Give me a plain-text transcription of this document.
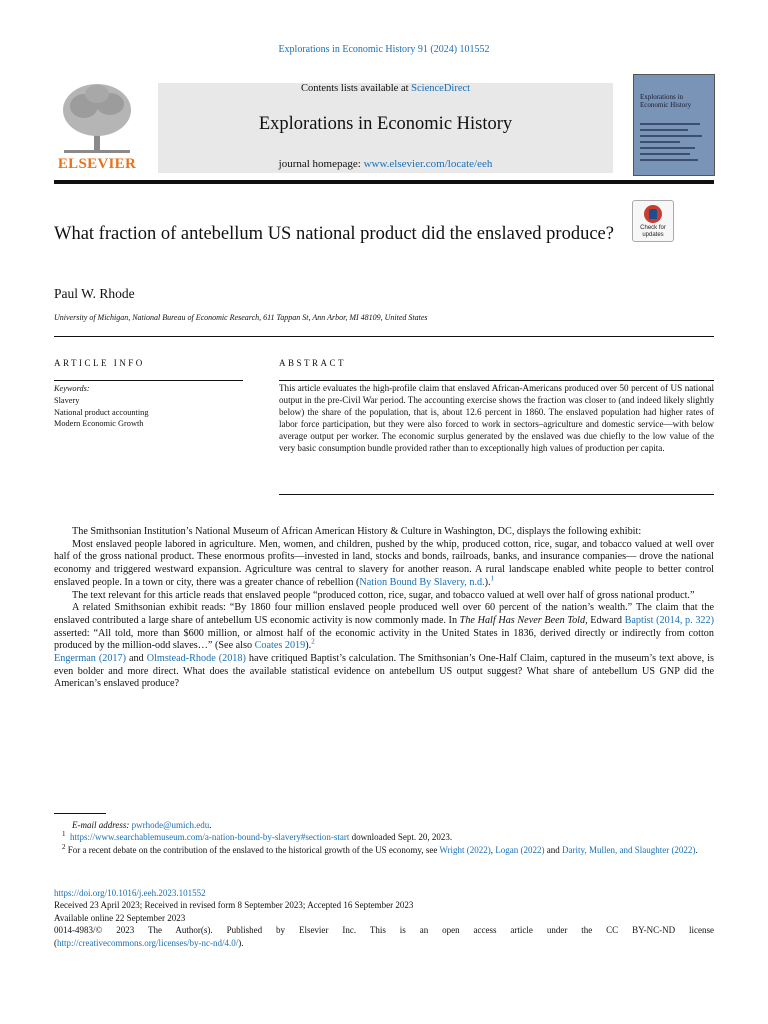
Explorations in Economic History 91 (2024) 101552
ELSEVIER
Contents lists available at ScienceDirect
Explorations in Economic History
journal homepage: www.elsevier.com/locate/eeh
Explorations in Economic History
Check for
updates
What fraction of antebellum US national product did the enslaved produce?
Paul W. Rhode
University of Michigan, National Bureau of Economic Research, 611 Tappan St, Ann Arbor, MI 48109, United States
ARTICLE INFO	ABSTRACT
Keywords:
Slavery
National product accounting
Modern Economic Growth
This article evaluates the high-profile claim that enslaved African-Americans produced over 50 percent of US national output in the pre-Civil War period. The accounting exercise shows the fraction was closer to (and indeed likely slightly below) the share of the population, that is, about 12.6 percent in 1860. The enslaved population had higher rates of labor force participation, but they were also forced to work in sectors–agriculture and domestic service—with below average output per worker. The economic surplus generated by the enslaved was due chiefly to the low value of the very basic consumption bundle provided rather than to exceptionally high values of production per capita.

The Smithsonian Institution’s National Museum of African American History & Culture in Washington, DC, displays the following exhibit:

Most enslaved people labored in agriculture. Men, women, and children, pushed by the whip, produced cotton, rice, sugar, and tobacco valued at well over half of the gross national product. These enormous profits—invested in land, stocks and bonds, railroads, banks, and insurance companies— drove the national economy and triggered westward expansion. Agriculture was central to slavery for another reason. A rural landscape enabled white people to better control enslaved people. In a town or city, there was a greater chance of rebellion (Nation Bound By Slavery, n.d.).$^1$

The text relevant for this article reads that enslaved people “produced cotton, rice, sugar, and tobacco valued at well over half of gross national product.”

A related Smithsonian exhibit reads: “By 1860 four million enslaved people produced well over 60 percent of the nation’s wealth.” The claim that the enslaved contributed a large share of antebellum US economic activity is now commonly made. In The Half Has Never Been Told, Edward Baptist (2014, p. 322) asserted: “All told, more than $600 million, or almost half of the economic activity in the United States in 1836, derived directly or indirectly from cotton produced by the million-odd slaves…” (See also Coates 2019).$^2$
Engerman (2017) and Olmstead-Rhode (2018) have critiqued Baptist’s calculation. The Smithsonian’s One-Half Claim, captured in the museum’s text above, is even bolder and more direct. What does the available statistical evidence on antebellum US output suggest? What share of antebellum US GNP did the American’s enslaved produce?

E-mail address: pwrhode@umich.edu.

$^1$ https://www.searchablemuseum.com/a-nation-bound-by-slavery#section-start downloaded Sept. 20, 2023.

$^2$ For a recent debate on the contribution of the enslaved to the historical growth of the US economy, see Wright (2022), Logan (2022) and Darity, Mullen, and Slaughter (2022).

https://doi.org/10.1016/j.eeh.2023.101552

Received 23 April 2023; Received in revised form 8 September 2023; Accepted 16 September 2023

Available online 22 September 2023

0014-4983/© 2023 The Author(s). Published by Elsevier Inc. This is an open access article under the CC BY-NC-ND license

(http://creativecommons.org/licenses/by-nc-nd/4.0/).
